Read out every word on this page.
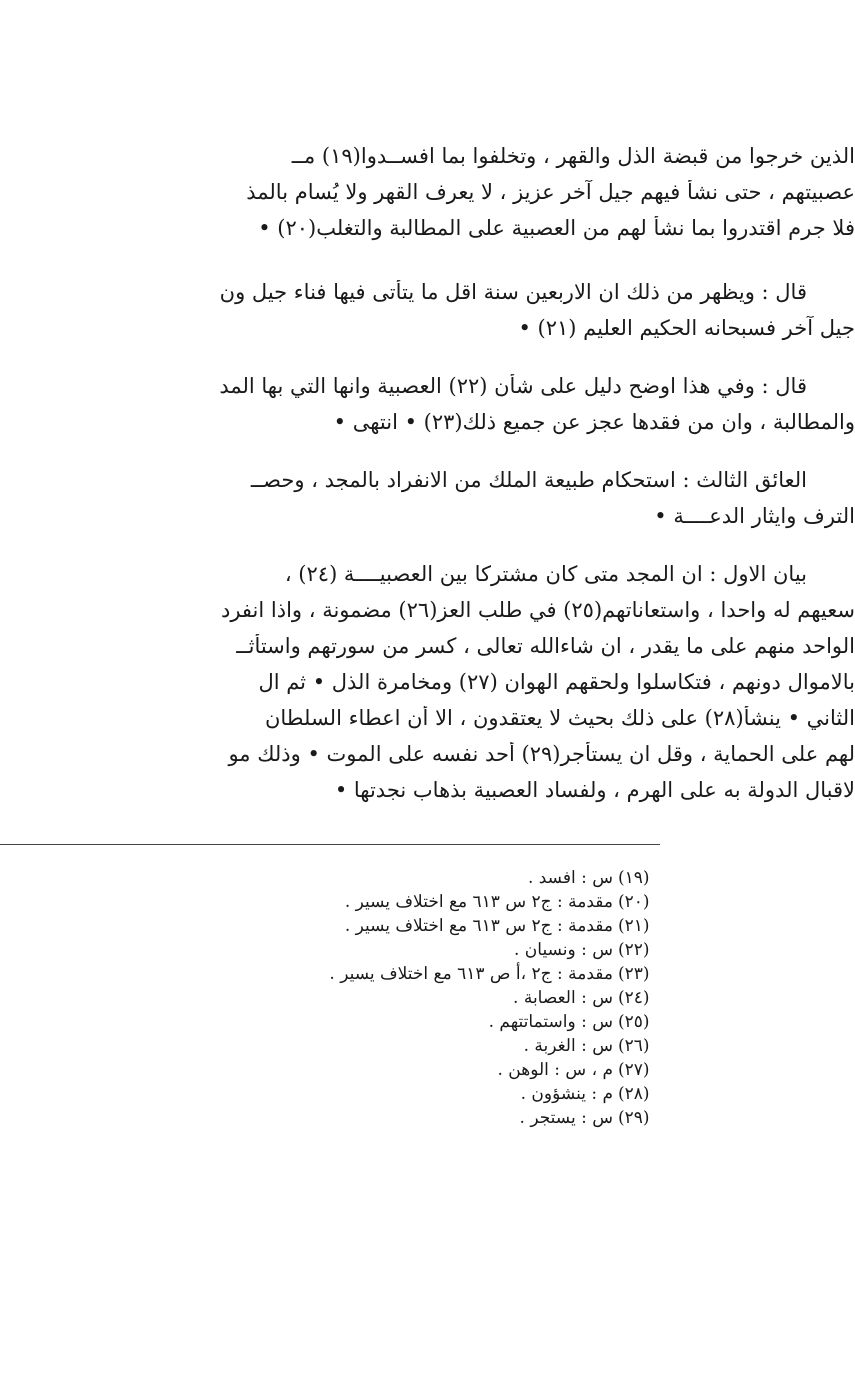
الذين خرجوا من قبضة الذل والقهر ، وتخلفوا بما افســدوا(١٩) مــ
عصبيتهم ، حتى نشأ فيهم جيل آخر عزيز ، لا يعرف القهر ولا يُسام بالمذ
فلا جرم اقتدروا بما نشأ لهم من العصبية على المطالبة والتغلب(٢٠) •
قال : ويظهر من ذلك ان الاربعين سنة اقل ما يتأتى فيها فناء جيل ون
جيل آخر فسبحانه الحكيم العليم (٢١) •
قال : وفي هذا اوضح دليل على شأن (٢٢) العصبية وانها التي بها المد
والمطالبة ، وان من فقدها عجز عن جميع ذلك(٢٣) • انتهى •
العائق الثالث : استحكام طبيعة الملك من الانفراد بالمجد ، وحصــ
الترف وايثار الدعــــة •
بيان الاول : ان المجد متى كان مشتركا بين العصبيــــة (٢٤) ،
سعيهم له واحدا ، واستعاناتهم(٢٥) في طلب العز(٢٦) مضمونة ، واذا انفرد
الواحد منهم على ما يقدر ، ان شاءالله تعالى ، كسر من سورتهم واستأثــ
بالاموال دونهم ، فتكاسلوا ولحقهم الهوان (٢٧) ومخامرة الذل • ثم ال
الثاني • ينشأ(٢٨) على ذلك بحيث لا يعتقدون ، الا أن اعطاء السلطان
لهم على الحماية ، وقل ان يستأجر(٢٩) أحد نفسه على الموت • وذلك مو
لاقبال الدولة به على الهرم ، ولفساد العصبية بذهاب نجدتها •
(١٩)
س : افسد .
(٢٠)
مقدمة : ج٢ س ٦١٣ مع اختلاف يسير .
(٢١)
مقدمة : ج٢ س ٦١٣ مع اختلاف يسير .
(٢٢)
س : ونسيان .
(٢٣)
مقدمة : ج٢ ،أ ص ٦١٣ مع اختلاف يسير .
(٢٤)
س : العصابة .
(٢٥)
س : واستماتتهم .
(٢٦)
س : الغربة .
(٢٧)
م ، س : الوهن .
(٢٨)
م : ينشؤون .
(٢٩)
س : يستجر .
